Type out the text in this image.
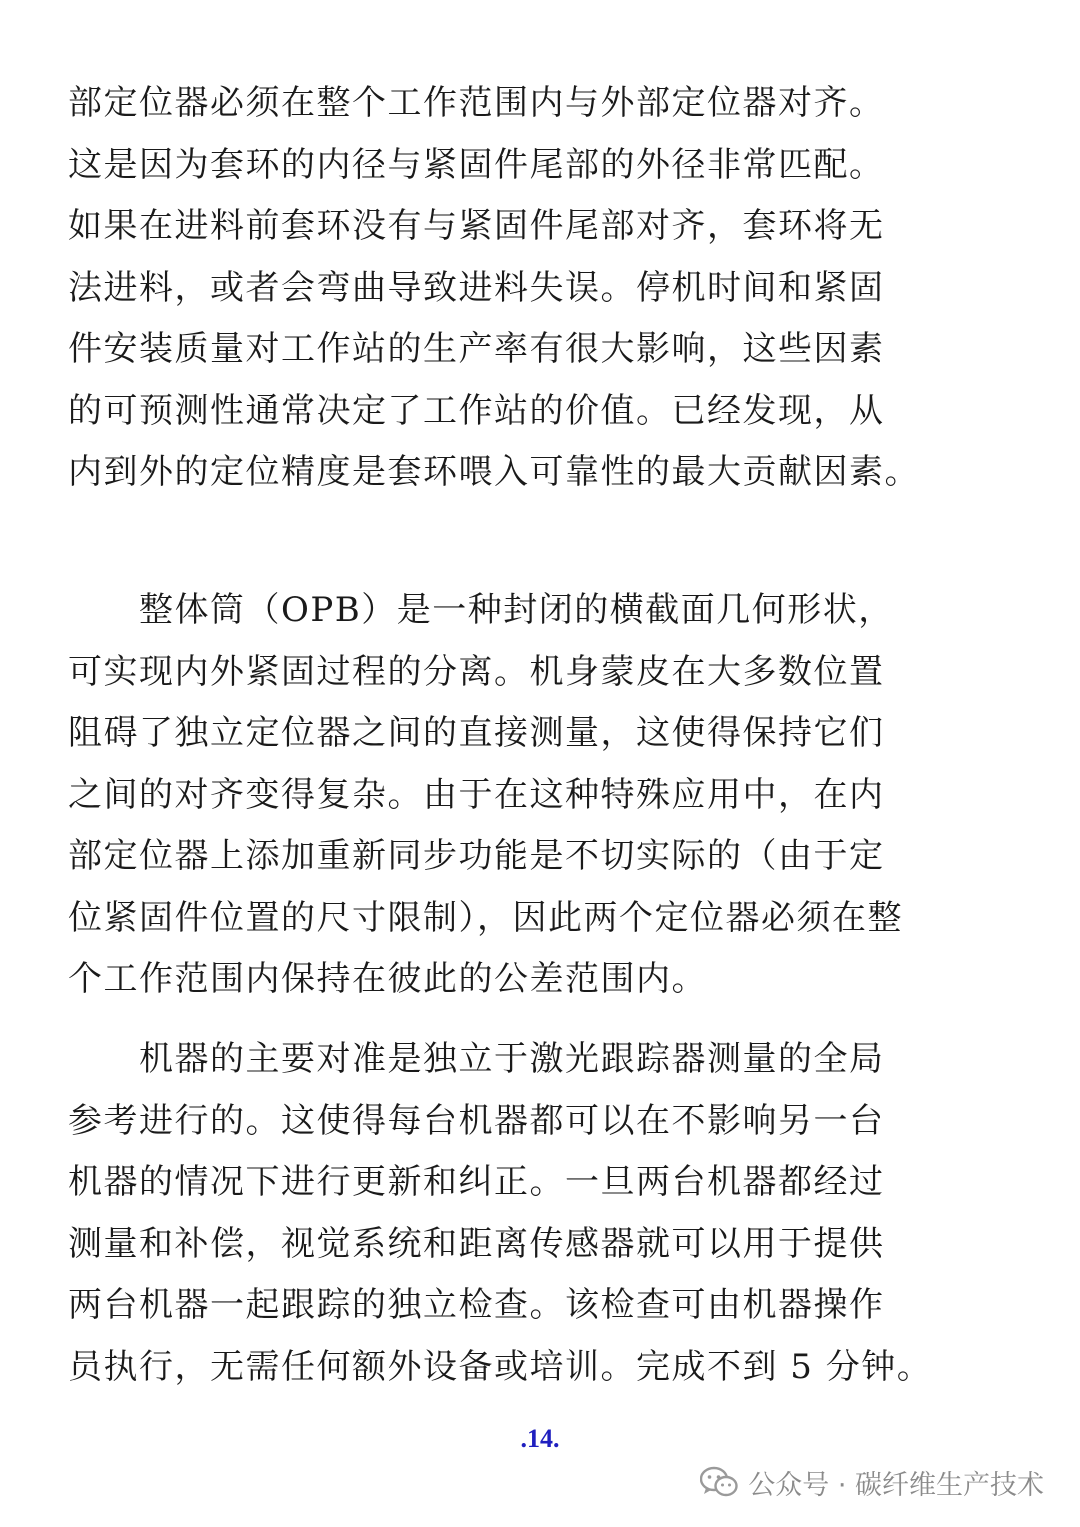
部定位器必须在整个工作范围内与外部定位器对齐。
这是因为套环的内径与紧固件尾部的外径非常匹配。
如果在进料前套环没有与紧固件尾部对齐，套环将无
法进料，或者会弯曲导致进料失误。停机时间和紧固
件安装质量对工作站的生产率有很大影响，这些因素
的可预测性通常决定了工作站的价值。已经发现，从
内到外的定位精度是套环喂入可靠性的最大贡献因素。
　　整体筒（OPB）是一种封闭的横截面几何形状，
可实现内外紧固过程的分离。机身蒙皮在大多数位置
阻碍了独立定位器之间的直接测量，这使得保持它们
之间的对齐变得复杂。由于在这种特殊应用中，在内
部定位器上添加重新同步功能是不切实际的（由于定
位紧固件位置的尺寸限制），因此两个定位器必须在整
个工作范围内保持在彼此的公差范围内。
　　机器的主要对准是独立于激光跟踪器测量的全局
参考进行的。这使得每台机器都可以在不影响另一台
机器的情况下进行更新和纠正。一旦两台机器都经过
测量和补偿，视觉系统和距离传感器就可以用于提供
两台机器一起跟踪的独立检查。该检查可由机器操作
员执行，无需任何额外设备或培训。完成不到 5 分钟。
.14.
公众号 · 碳纤维生产技术
